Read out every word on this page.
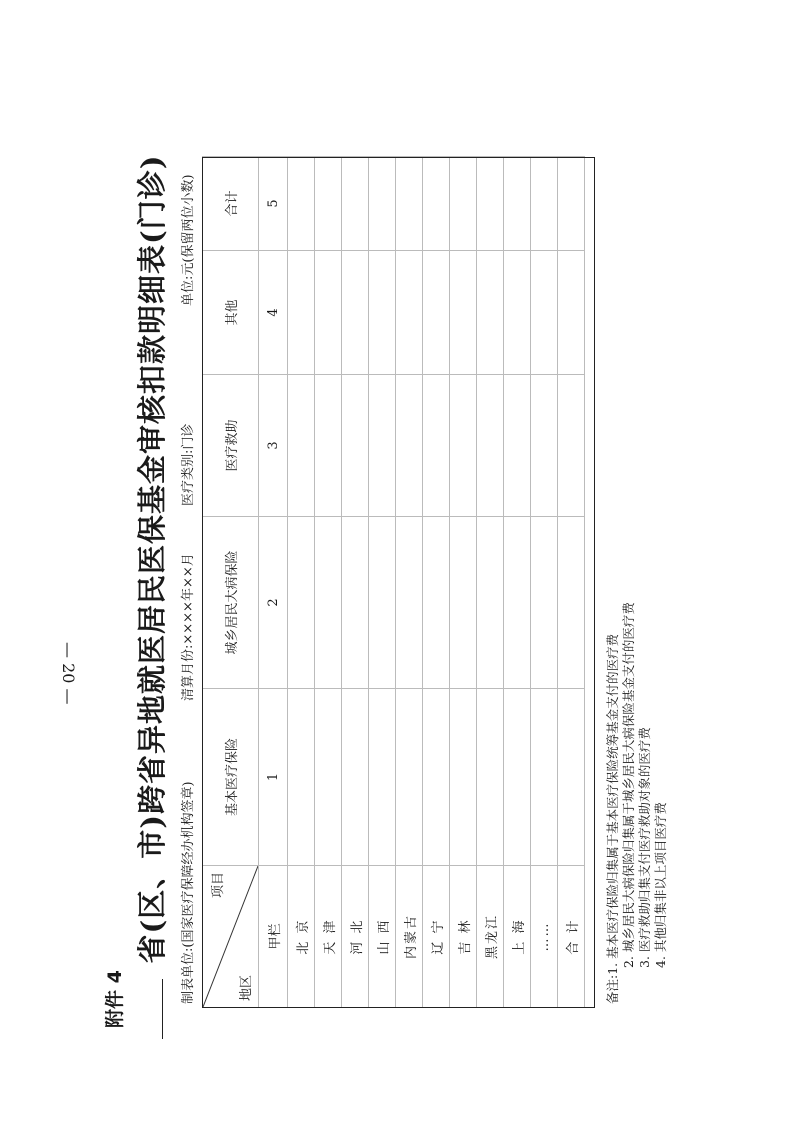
附件 4
省(区、市)跨省异地就医居民医保基金审核扣款明细表(门诊) 制表单位:(国家医疗保障经办机构签章)
清算月份:××××年××月
医疗类别:门诊
单位:元(保留两位小数)
项目
地区	基本医疗保险	城乡居民大病保险	医疗救助	其他	合计
甲栏	1	2	3	4	5
北 京					
天 津					
河 北					
山 西					
内蒙古					
辽 宁					
吉 林					
黑龙江					
上 海					
……					
合 计					备注:1. 基本医疗保险归集属于基本医疗保险统筹基金支付的医疗费 2. 城乡居民大病保险归集属于城乡居民大病保险基金支付的医疗费 3. 医疗救助归集支付医疗救助对象的医疗费 4. 其他归集非以上项目医疗费
— 20 —
